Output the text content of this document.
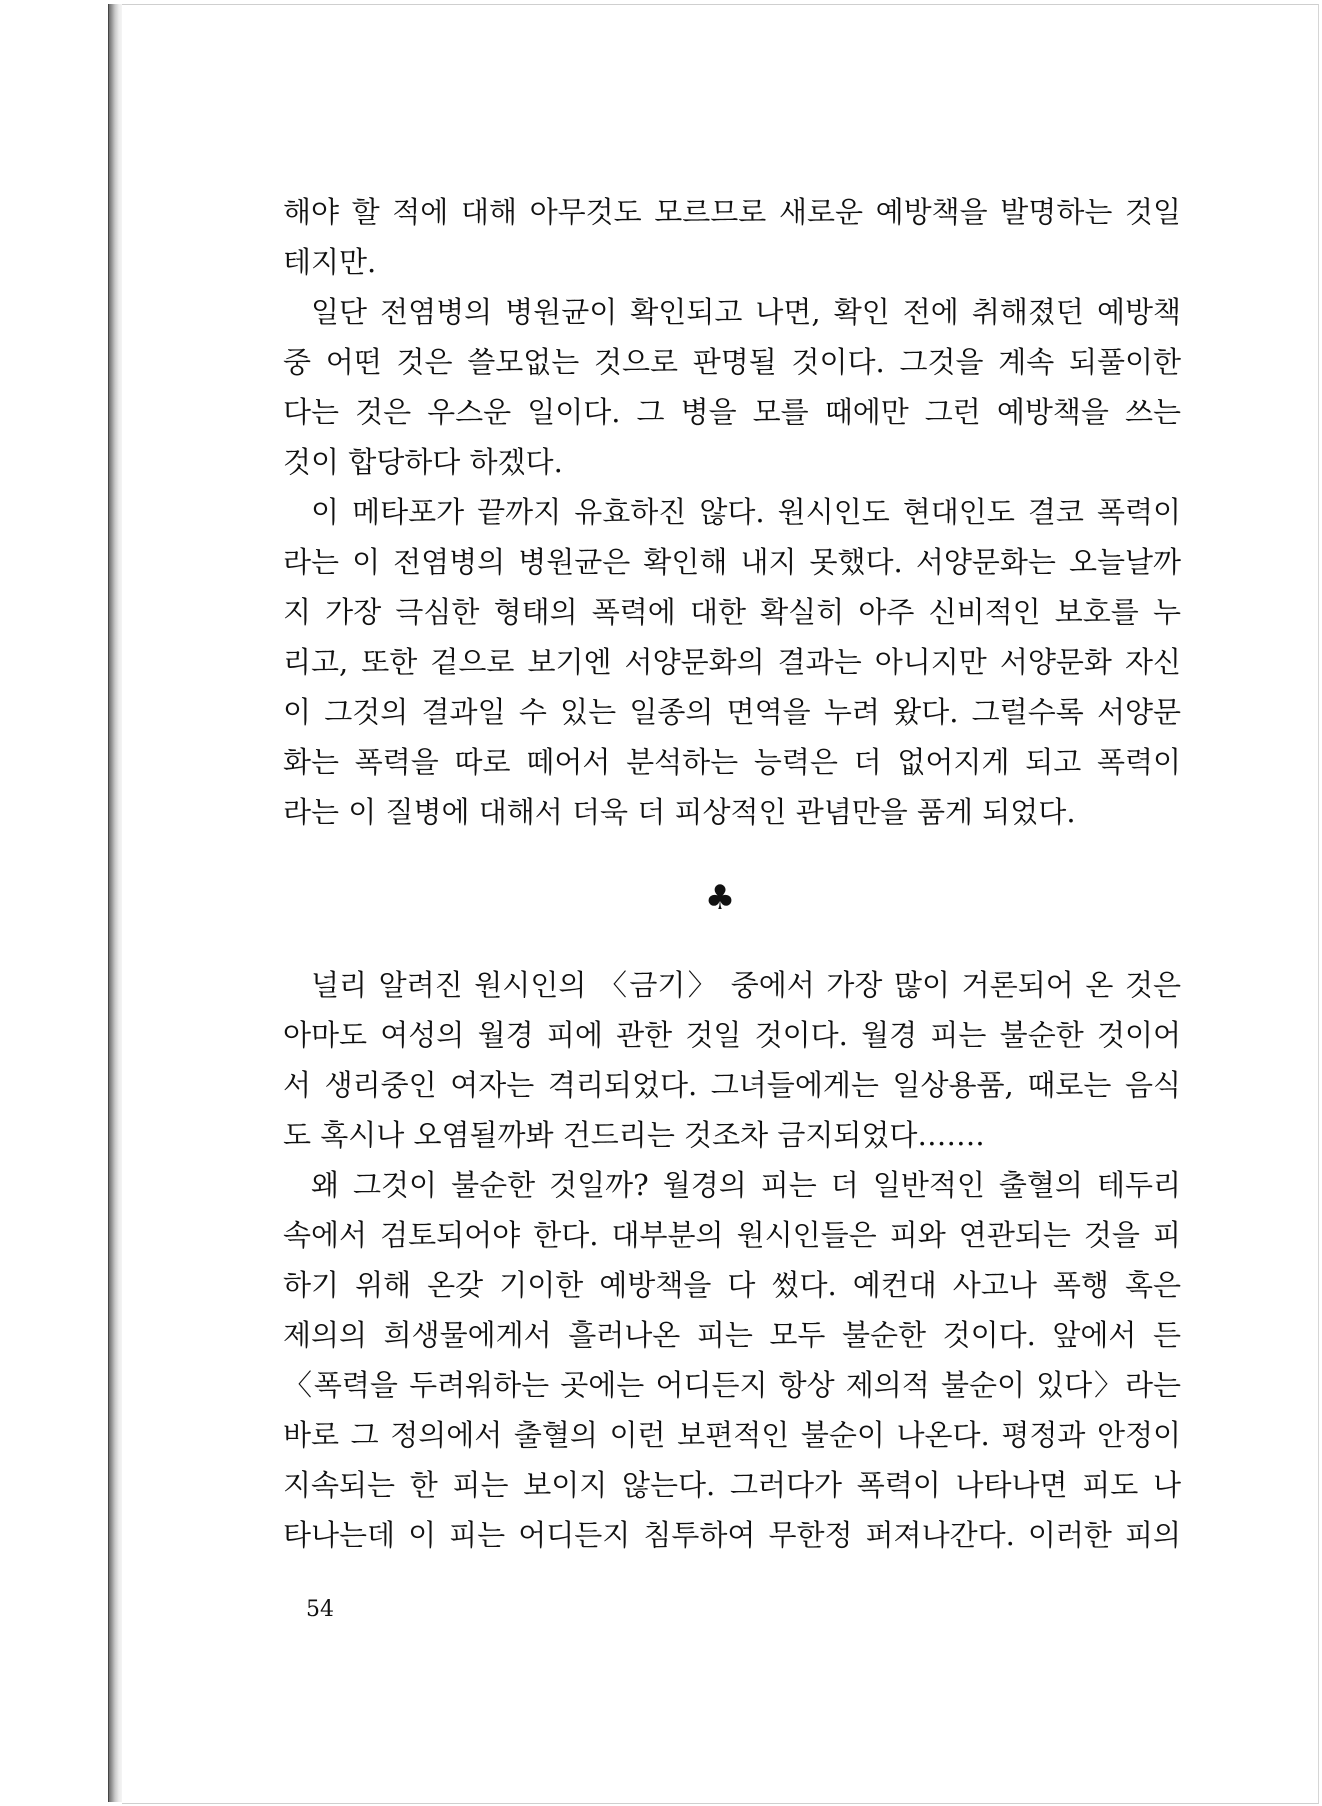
해야 할 적에 대해 아무것도 모르므로 새로운 예방책을 발명하는 것일
테지만.
일단 전염병의 병원균이 확인되고 나면, 확인 전에 취해졌던 예방책
중 어떤 것은 쓸모없는 것으로 판명될 것이다. 그것을 계속 되풀이한
다는 것은 우스운 일이다. 그 병을 모를 때에만 그런 예방책을 쓰는
것이 합당하다 하겠다.
이 메타포가 끝까지 유효하진 않다. 원시인도 현대인도 결코 폭력이
라는 이 전염병의 병원균은 확인해 내지 못했다. 서양문화는 오늘날까
지 가장 극심한 형태의 폭력에 대한 확실히 아주 신비적인 보호를 누
리고, 또한 겉으로 보기엔 서양문화의 결과는 아니지만 서양문화 자신
이 그것의 결과일 수 있는 일종의 면역을 누려 왔다. 그럴수록 서양문
화는 폭력을 따로 떼어서 분석하는 능력은 더 없어지게 되고 폭력이
라는 이 질병에 대해서 더욱 더 피상적인 관념만을 품게 되었다.
♣
널리 알려진 원시인의 〈금기〉 중에서 가장 많이 거론되어 온 것은
아마도 여성의 월경 피에 관한 것일 것이다. 월경 피는 불순한 것이어
서 생리중인 여자는 격리되었다. 그녀들에게는 일상용품, 때로는 음식
도 혹시나 오염될까봐 건드리는 것조차 금지되었다…….
왜 그것이 불순한 것일까? 월경의 피는 더 일반적인 출혈의 테두리
속에서 검토되어야 한다. 대부분의 원시인들은 피와 연관되는 것을 피
하기 위해 온갖 기이한 예방책을 다 썼다. 예컨대 사고나 폭행 혹은
제의의 희생물에게서 흘러나온 피는 모두 불순한 것이다. 앞에서 든
〈폭력을 두려워하는 곳에는 어디든지 항상 제의적 불순이 있다〉라는
바로 그 정의에서 출혈의 이런 보편적인 불순이 나온다. 평정과 안정이
지속되는 한 피는 보이지 않는다. 그러다가 폭력이 나타나면 피도 나
타나는데 이 피는 어디든지 침투하여 무한정 퍼져나간다. 이러한 피의
54
